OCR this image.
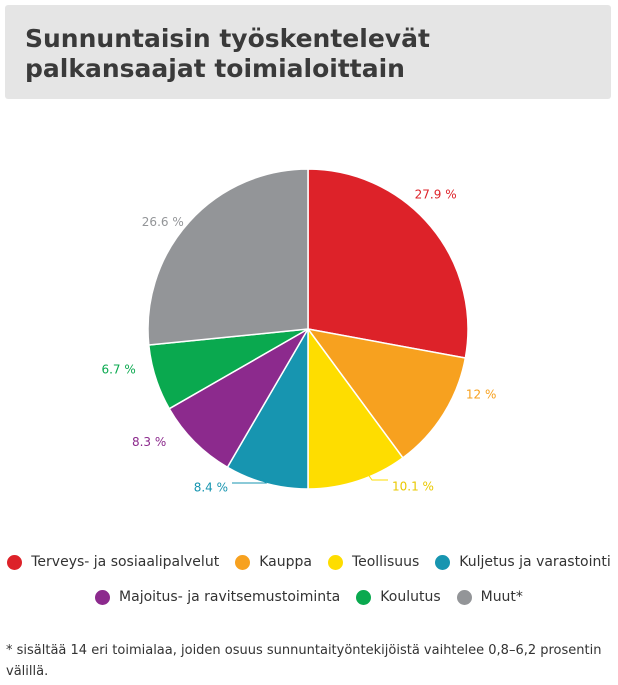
Sunnuntaisin työskentelevät palkansaajat toimialoittain
27.9 %
12 %
10.1 %
8.4 %
8.3 %
6.7 %
26.6 %
Terveys- ja sosiaalipalvelut	Kauppa	Teollisuus	Kuljetus ja varastointi
Majoitus- ja ravitsemustoiminta	Koulutus	Muut*
* sisältää 14 eri toimialaa, joiden osuus sunnuntaityöntekijöistä vaihtelee 0,8–6,2 prosentin välillä.
